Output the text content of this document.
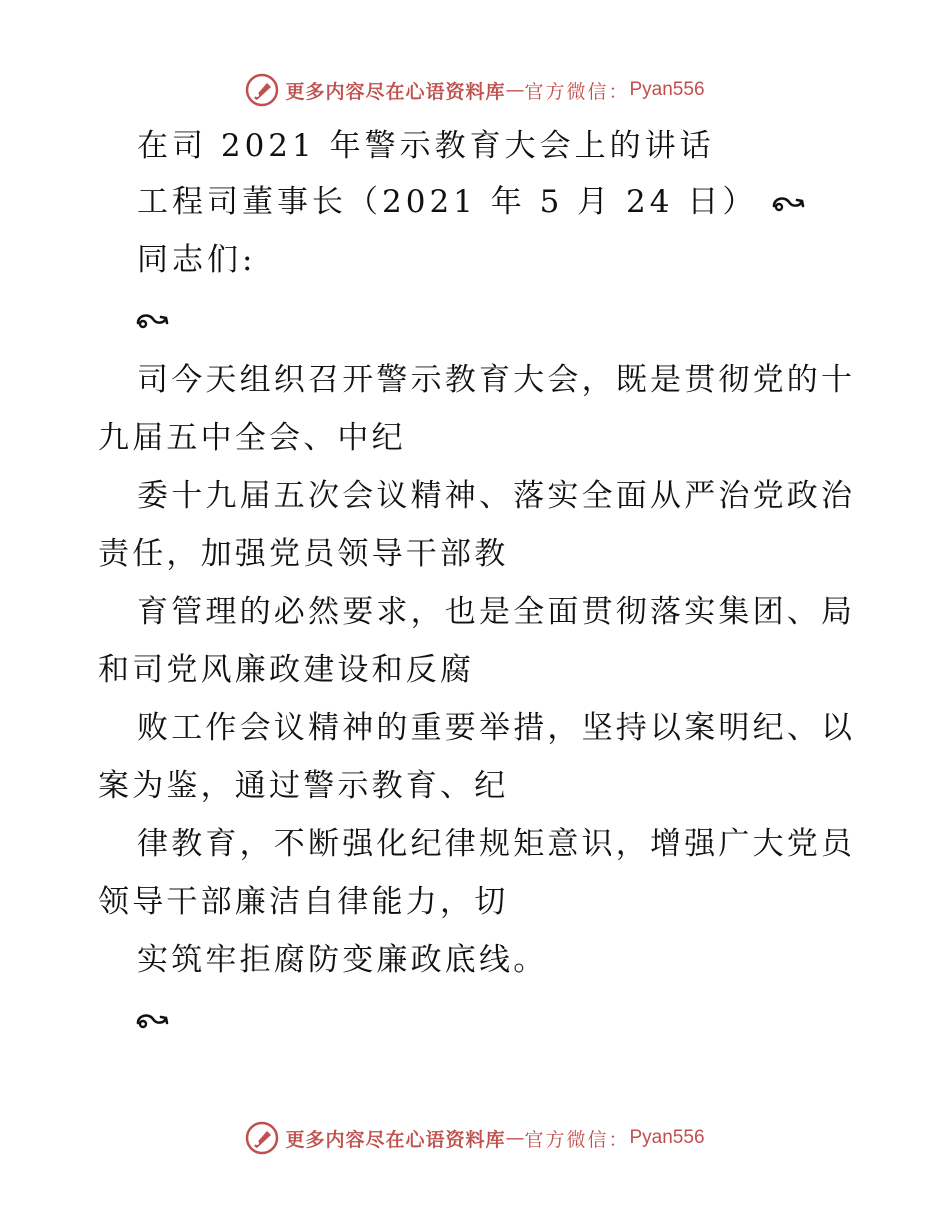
更多内容尽在心语资料库 — 官方微信： Pyan556
在司 2021 年警示教育大会上的讲话
工程司董事长（2021 年 5 月 24 日）
同志们:
司今天组织召开警示教育大会，既是贯彻党的十
九届五中全会、中纪
委十九届五次会议精神、落实全面从严治党政治
责任，加强党员领导干部教
育管理的必然要求，也是全面贯彻落实集团、局
和司党风廉政建设和反腐
败工作会议精神的重要举措，坚持以案明纪、以
案为鉴，通过警示教育、纪
律教育，不断强化纪律规矩意识，增强广大党员
领导干部廉洁自律能力，切
实筑牢拒腐防变廉政底线。
更多内容尽在心语资料库 — 官方微信： Pyan556
